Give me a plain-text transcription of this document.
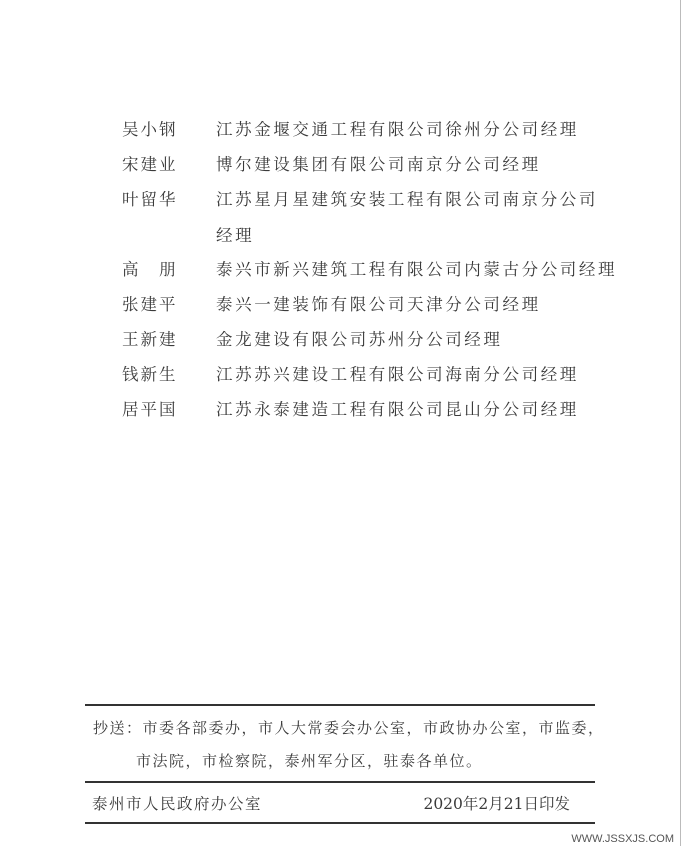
吴小钢 江苏金堰交通工程有限公司徐州分公司经理
宋建业 博尔建设集团有限公司南京分公司经理
叶留华 江苏星月星建筑安装工程有限公司南京分公司
经理
高　朋 泰兴市新兴建筑工程有限公司内蒙古分公司经理
张建平 泰兴一建装饰有限公司天津分公司经理
王新建 金龙建设有限公司苏州分公司经理
钱新生 江苏苏兴建设工程有限公司海南分公司经理
居平国 江苏永泰建造工程有限公司昆山分公司经理
抄送：市委各部委办，市人大常委会办公室，市政协办公室，市监委，
市法院，市检察院，泰州军分区，驻泰各单位。
泰州市人民政府办公室	2020年2月21日印发
WWW.JSSXJS.COM
